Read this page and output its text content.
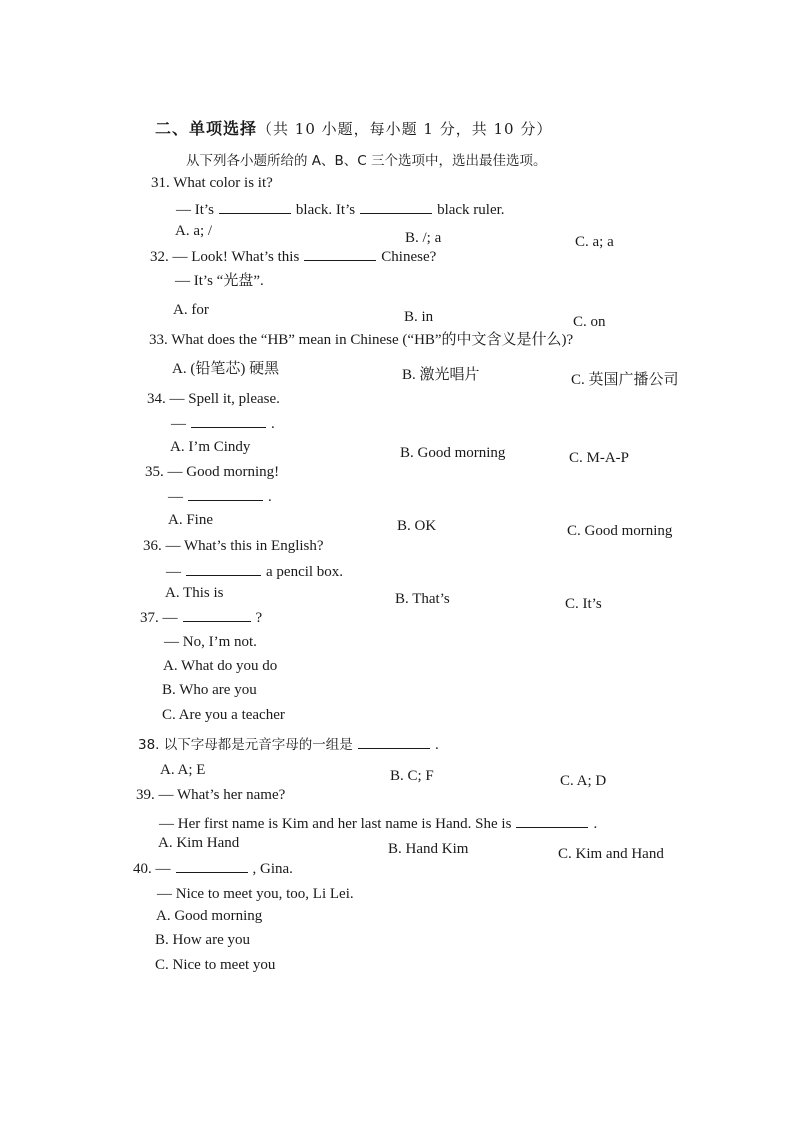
二、单项选择（共 10 小题，每小题 1 分，共 10 分）
从下列各小题所给的 A、B、C 三个选项中，选出最佳选项。
31. What color is it?
— It’s	black. It’s	black ruler.
A. a; /	B. /; a	C. a; a
32. — Look! What’s this	Chinese?
— It’s “光盘”.
A. for	B. in	C. on
33. What does the “HB” mean in Chinese (“HB”的中文含义是什么)?
A. (铅笔芯) 硬黑	B. 激光唱片	C. 英国广播公司
34. — Spell it, please.
—	.
A. I’m Cindy	B. Good morning	C. M-A-P
35. — Good morning!
—	.
A. Fine	B. OK	C. Good morning
36. — What’s this in English?
—	a pencil box.
A. This is	B. That’s	C. It’s
37. —	?
— No, I’m not.
A. What do you do
B. Who are you
C. Are you a teacher
38. 以下字母都是元音字母的一组是	.
A. A; E	B. C; F	C. A; D
39. — What’s her name?
— Her first name is Kim and her last name is Hand. She is	.
A. Kim Hand	B. Hand Kim	C. Kim and Hand
40. —	, Gina.
— Nice to meet you, too, Li Lei.
A. Good morning
B. How are you
C. Nice to meet you
